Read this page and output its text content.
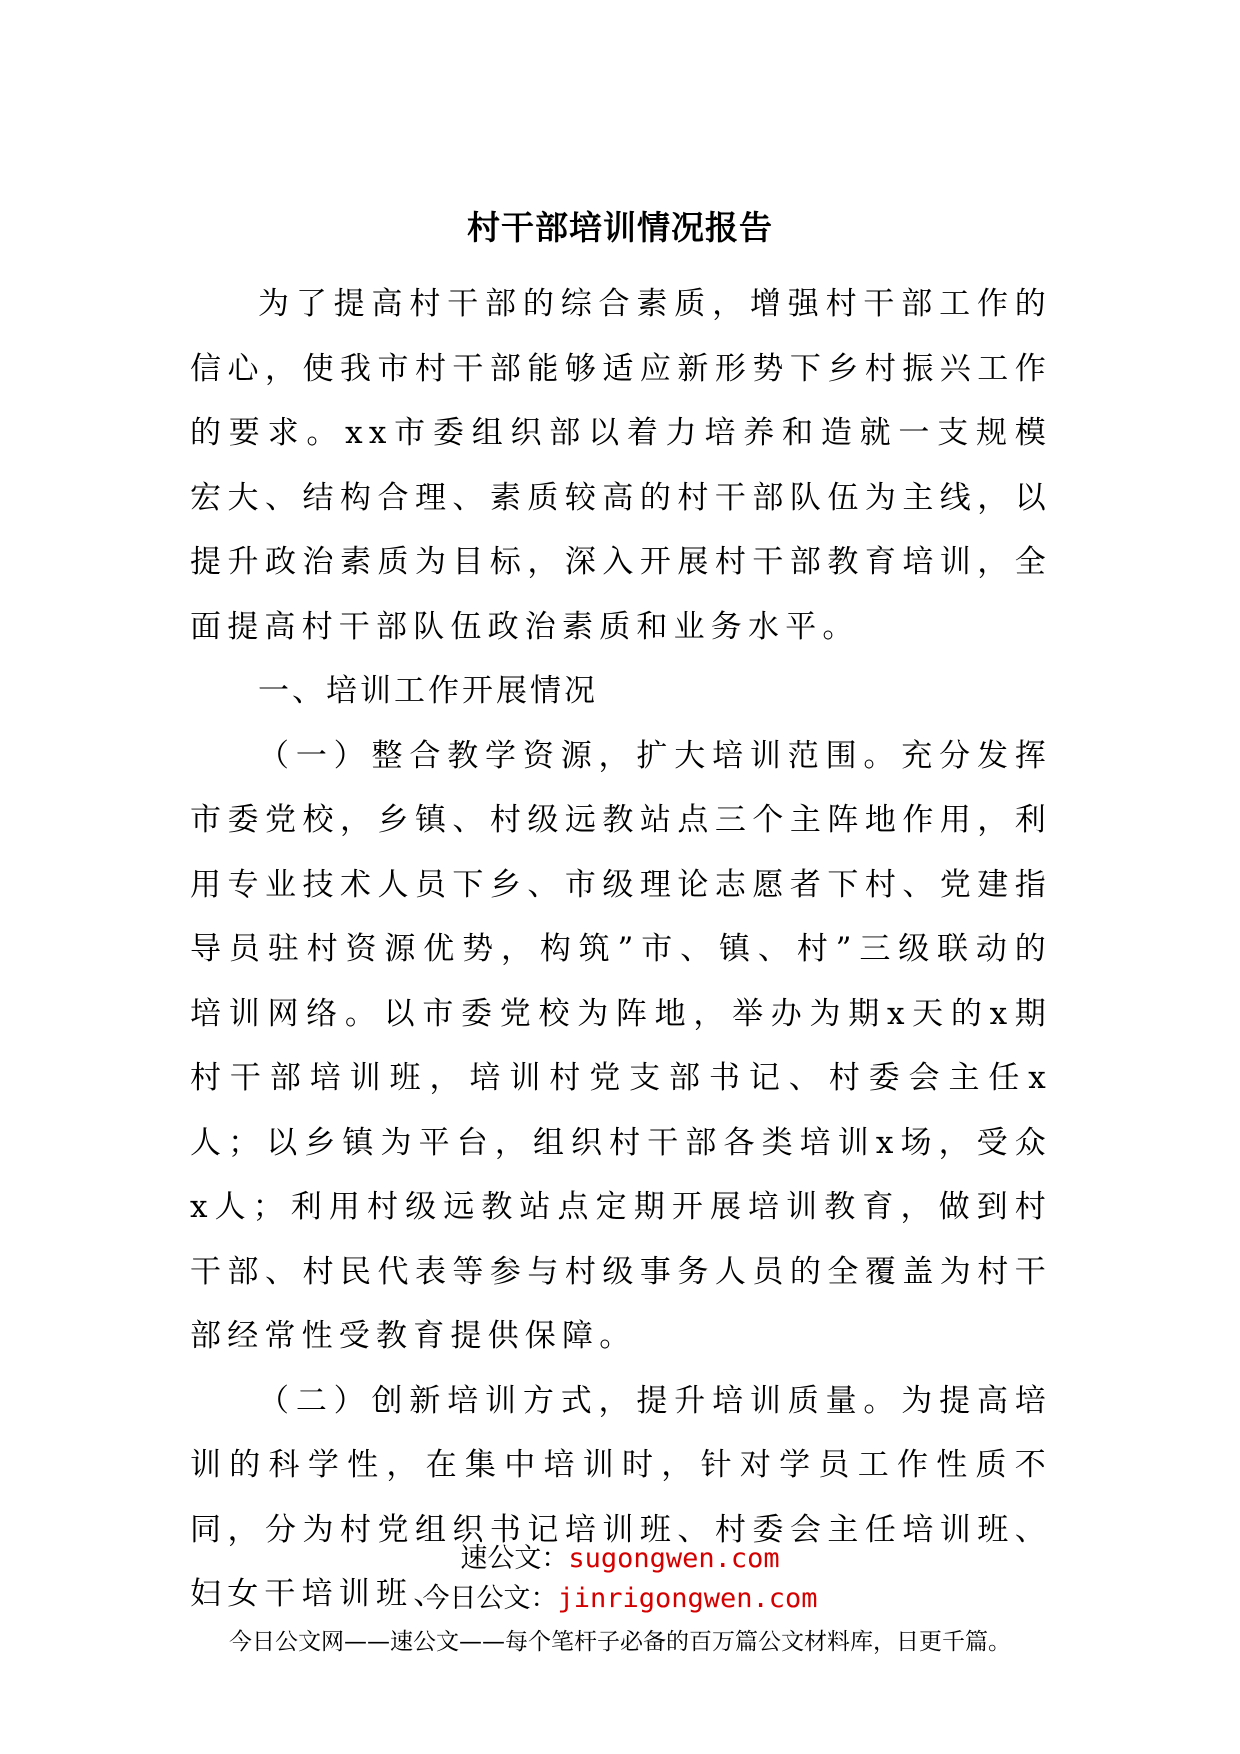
村干部培训情况报告

为了提高村干部的综合素质，增强村干部工作的信心，使我市村干部能够适应新形势下乡村振兴工作的要求。xx市委组织部以着力培养和造就一支规模宏大、结构合理、素质较高的村干部队伍为主线，以提升政治素质为目标，深入开展村干部教育培训，全面提高村干部队伍政治素质和业务水平。

一、培训工作开展情况

（一）整合教学资源，扩大培训范围。充分发挥市委党校，乡镇、村级远教站点三个主阵地作用，利用专业技术人员下乡、市级理论志愿者下村、党建指导员驻村资源优势，构筑”市、镇、村”三级联动的培训网络。以市委党校为阵地，举办为期x天的x期村干部培训班，培训村党支部书记、村委会主任x人；以乡镇为平台，组织村干部各类培训x场，受众x人；利用村级远教站点定期开展培训教育，做到村干部、村民代表等参与村级事务人员的全覆盖为村干部经常性受教育提供保障。

（二）创新培训方式，提升培训质量。为提高培训的科学性，在集中培训时，针对学员工作性质不同，分为村党组织书记培训班、村委会主任培训班、妇女干培训班、

速公文：sugongwen.com
今日公文：jinrigongwen.com
今日公文网——速公文——每个笔杆子必备的百万篇公文材料库，日更千篇。
